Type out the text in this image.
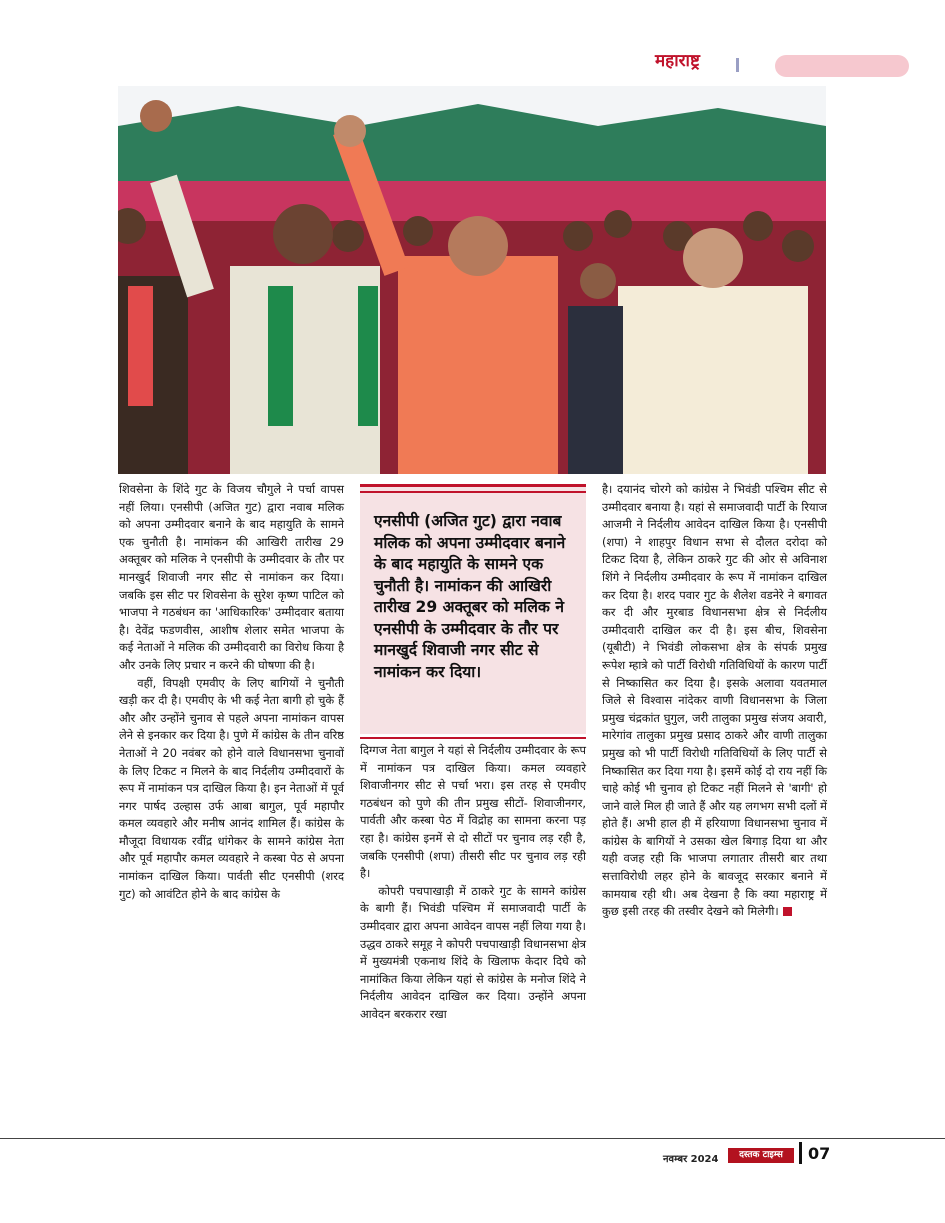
महाराष्ट्र

शिवसेना के शिंदे गुट के विजय चौगुले ने पर्चा वापस नहीं लिया। एनसीपी (अजित गुट) द्वारा नवाब मलिक को अपना उम्मीदवार बनाने के बाद महायुति के सामने एक चुनौती है। नामांकन की आखिरी तारीख 29 अक्तूबर को मलिक ने एनसीपी के उम्मीदवार के तौर पर मानखुर्द शिवाजी नगर सीट से नामांकन कर दिया। जबकि इस सीट पर शिवसेना के सुरेश कृष्ण पाटिल को भाजपा ने गठबंधन का 'आधिकारिक' उम्मीदवार बताया है। देवेंद्र फडणवीस, आशीष शेलार समेत भाजपा के कई नेताओं ने मलिक की उम्मीदवारी का विरोध किया है और उनके लिए प्रचार न करने की घोषणा की है।

वहीं, विपक्षी एमवीए के लिए बागियों ने चुनौती खड़ी कर दी है। एमवीए के भी कई नेता बागी हो चुके हैं और और उन्होंने चुनाव से पहले अपना नामांकन वापस लेने से इनकार कर दिया है। पुणे में कांग्रेस के तीन वरिष्ठ नेताओं ने 20 नवंबर को होने वाले विधानसभा चुनावों के लिए टिकट न मिलने के बाद निर्दलीय उम्मीदवारों के रूप में नामांकन पत्र दाखिल किया है। इन नेताओं में पूर्व नगर पार्षद उल्हास उर्फ आबा बागुल, पूर्व महापौर कमल व्यवहारे और मनीष आनंद शामिल हैं। कांग्रेस के मौजूदा विधायक रवींद्र धांगेकर के सामने कांग्रेस नेता और पूर्व महापौर कमल व्यवहारे ने कस्बा पेठ से अपना नामांकन दाखिल किया। पार्वती सीट एनसीपी (शरद गुट) को आवंटित होने के बाद कांग्रेस के

एनसीपी (अजित गुट) द्वारा नवाब मलिक को अपना उम्मीदवार बनाने के बाद महायुति के सामने एक चुनौती है। नामांकन की आखिरी तारीख 29 अक्तूबर को मलिक ने एनसीपी के उम्मीदवार के तौर पर मानखुर्द शिवाजी नगर सीट से नामांकन कर दिया।

दिग्गज नेता बागुल ने यहां से निर्दलीय उम्मीदवार के रूप में नामांकन पत्र दाखिल किया। कमल व्यवहारे शिवाजीनगर सीट से पर्चा भरा। इस तरह से एमवीए गठबंधन को पुणे की तीन प्रमुख सीटों- शिवाजीनगर, पार्वती और कस्बा पेठ में विद्रोह का सामना करना पड़ रहा है। कांग्रेस इनमें से दो सीटों पर चुनाव लड़ रही है, जबकि एनसीपी (शपा) तीसरी सीट पर चुनाव लड़ रही है।

कोपरी पचपाखाड़ी में ठाकरे गुट के सामने कांग्रेस के बागी हैं। भिवंडी पश्चिम में समाजवादी पार्टी के उम्मीदवार द्वारा अपना आवेदन वापस नहीं लिया गया है। उद्धव ठाकरे समूह ने कोपरी पचपाखाड़ी विधानसभा क्षेत्र में मुख्यमंत्री एकनाथ शिंदे के खिलाफ केदार दिघे को नामांकित किया लेकिन यहां से कांग्रेस के मनोज शिंदे ने निर्दलीय आवेदन दाखिल कर दिया। उन्होंने अपना आवेदन बरकरार रखा

है। दयानंद चोरगे को कांग्रेस ने भिवंडी पश्चिम सीट से उम्मीदवार बनाया है। यहां से समाजवादी पार्टी के रियाज आजमी ने निर्दलीय आवेदन दाखिल किया है। एनसीपी (शपा) ने शाहपुर विधान सभा से दौलत दरोदा को टिकट दिया है, लेकिन ठाकरे गुट की ओर से अविनाश शिंगे ने निर्दलीय उम्मीदवार के रूप में नामांकन दाखिल कर दिया है। शरद पवार गुट के शैलेश वडनेरे ने बगावत कर दी और मुरबाड विधानसभा क्षेत्र से निर्दलीय उम्मीदवारी दाखिल कर दी है। इस बीच, शिवसेना (यूबीटी) ने भिवंडी लोकसभा क्षेत्र के संपर्क प्रमुख रूपेश म्हात्रे को पार्टी विरोधी गतिविधियों के कारण पार्टी से निष्कासित कर दिया है। इसके अलावा यवतमाल जिले से विश्वास नांदेकर वाणी विधानसभा के जिला प्रमुख चंद्रकांत घुगुल, जरी तालुका प्रमुख संजय अवारी, मारेगांव तालुका प्रमुख प्रसाद ठाकरे और वाणी तालुका प्रमुख को भी पार्टी विरोधी गतिविधियों के लिए पार्टी से निष्कासित कर दिया गया है। इसमें कोई दो राय नहीं कि चाहे कोई भी चुनाव हो टिकट नहीं मिलने से 'बागी' हो जाने वाले मिल ही जाते हैं और यह लगभग सभी दलों में होते हैं। अभी हाल ही में हरियाणा विधानसभा चुनाव में कांग्रेस के बागियों ने उसका खेल बिगाड़ दिया था और यही वजह रही कि भाजपा लगातार तीसरी बार तथा सत्ताविरोधी लहर होने के बावजूद सरकार बनाने में कामयाब रही थी। अब देखना है कि क्या महाराष्ट्र में कुछ इसी तरह की तस्वीर देखने को मिलेगी।

नवम्बर 2024	दस्तक टाइम्स	07
